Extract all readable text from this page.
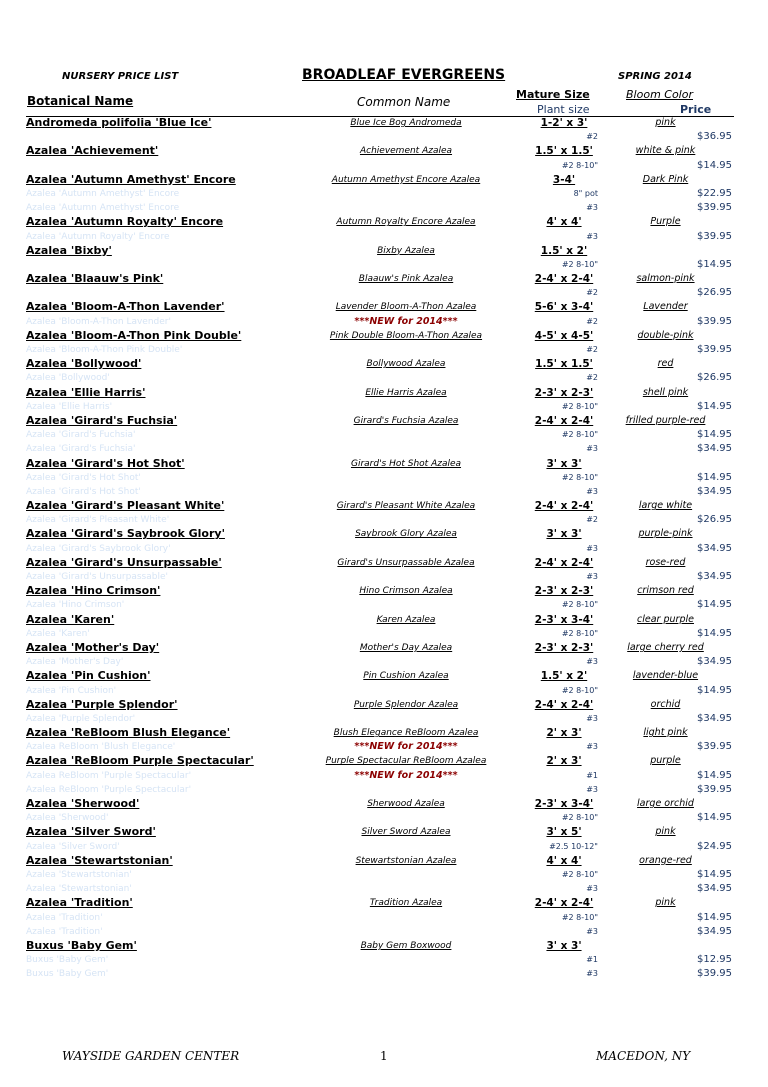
NURSERY PRICE LIST	BROADLEAF EVERGREENS	SPRING 2014
Botanical Name	Common Name
Mature Size	Bloom Color
Plant size	Price
Andromeda polifolia 'Blue Ice'	Blue Ice Bog Andromeda	1-2' x 3'	pink
#2	$36.95
Azalea 'Achievement'	Achievement Azalea	1.5' x 1.5'	white & pink
#2 8-10"	$14.95
Azalea 'Autumn Amethyst' Encore	Autumn Amethyst Encore Azalea	3-4'	Dark Pink
Azalea 'Autumn Amethyst' Encore	8" pot	$22.95
Azalea 'Autumn Amethyst' Encore	#3	$39.95
Azalea 'Autumn Royalty' Encore	Autumn Royalty Encore Azalea	4' x 4'	Purple
Azalea 'Autumn Royalty' Encore	#3	$39.95
Azalea 'Bixby'	Bixby Azalea	1.5' x 2'
#2 8-10"	$14.95
Azalea 'Blaauw's Pink'	Blaauw's Pink Azalea	2-4' x 2-4'	salmon-pink
#2	$26.95
Azalea 'Bloom-A-Thon Lavender'	Lavender Bloom-A-Thon Azalea	5-6' x 3-4'	Lavender
Azalea 'Bloom-A-Thon Lavender'	***NEW for 2014***	#2	$39.95
Azalea 'Bloom-A-Thon Pink Double'	Pink Double Bloom-A-Thon Azalea	4-5' x 4-5'	double-pink
Azalea 'Bloom-A-Thon Pink Double'	#2	$39.95
Azalea 'Bollywood'	Bollywood Azalea	1.5' x 1.5'	red
Azalea 'Bollywood'	#2	$26.95
Azalea 'Ellie Harris'	Ellie Harris Azalea	2-3' x 2-3'	shell pink
Azalea 'Ellie Harris'	#2 8-10"	$14.95
Azalea 'Girard's Fuchsia'	Girard's Fuchsia Azalea	2-4' x 2-4'	frilled purple-red
Azalea 'Girard's Fuchsia'	#2 8-10"	$14.95
Azalea 'Girard's Fuchsia'	#3	$34.95
Azalea 'Girard's Hot Shot'	Girard's Hot Shot Azalea	3' x 3'
Azalea 'Girard's Hot Shot'	#2 8-10"	$14.95
Azalea 'Girard's Hot Shot'	#3	$34.95
Azalea 'Girard's Pleasant White'	Girard's Pleasant White Azalea	2-4' x 2-4'	large white
Azalea 'Girard's Pleasant White'	#2	$26.95
Azalea 'Girard's Saybrook Glory'	Saybrook Glory Azalea	3' x 3'	purple-pink
Azalea 'Girard's Saybrook Glory'	#3	$34.95
Azalea 'Girard's Unsurpassable'	Girard's Unsurpassable Azalea	2-4' x 2-4'	rose-red
Azalea 'Girard's Unsurpassable'	#3	$34.95
Azalea 'Hino Crimson'	Hino Crimson Azalea	2-3' x 2-3'	crimson red
Azalea 'Hino Crimson'	#2 8-10"	$14.95
Azalea 'Karen'	Karen Azalea	2-3' x 3-4'	clear purple
Azalea 'Karen'	#2 8-10"	$14.95
Azalea 'Mother's Day'	Mother's Day Azalea	2-3' x 2-3'	large cherry red
Azalea 'Mother's Day'	#3	$34.95
Azalea 'Pin Cushion'	Pin Cushion Azalea	1.5' x 2'	lavender-blue
Azalea 'Pin Cushion'	#2 8-10"	$14.95
Azalea 'Purple Splendor'	Purple Splendor Azalea	2-4' x 2-4'	orchid
Azalea 'Purple Splendor'	#3	$34.95
Azalea 'ReBloom Blush Elegance'	Blush Elegance ReBloom Azalea	2' x 3'	light pink
Azalea ReBloom 'Blush Elegance'	***NEW for 2014***	#3	$39.95
Azalea 'ReBloom Purple Spectacular'	Purple Spectacular ReBloom Azalea	2' x 3'	purple
Azalea ReBloom 'Purple Spectacular'	***NEW for 2014***	#1	$14.95
Azalea ReBloom 'Purple Spectacular'	#3	$39.95
Azalea 'Sherwood'	Sherwood Azalea	2-3' x 3-4'	large orchid
Azalea 'Sherwood'	#2 8-10"	$14.95
Azalea 'Silver Sword'	Silver Sword Azalea	3' x 5'	pink
Azalea 'Silver Sword'	#2.5 10-12"	$24.95
Azalea 'Stewartstonian'	Stewartstonian Azalea	4' x 4'	orange-red
Azalea 'Stewartstonian'	#2 8-10"	$14.95
Azalea 'Stewartstonian'	#3	$34.95
Azalea 'Tradition'	Tradition Azalea	2-4' x 2-4'	pink
Azalea 'Tradition'	#2 8-10"	$14.95
Azalea 'Tradition'	#3	$34.95
Buxus 'Baby Gem'	Baby Gem Boxwood	3' x 3'
Buxus 'Baby Gem'	#1	$12.95
Buxus 'Baby Gem'	#3	$39.95
WAYSIDE GARDEN CENTER	1	MACEDON, NY
